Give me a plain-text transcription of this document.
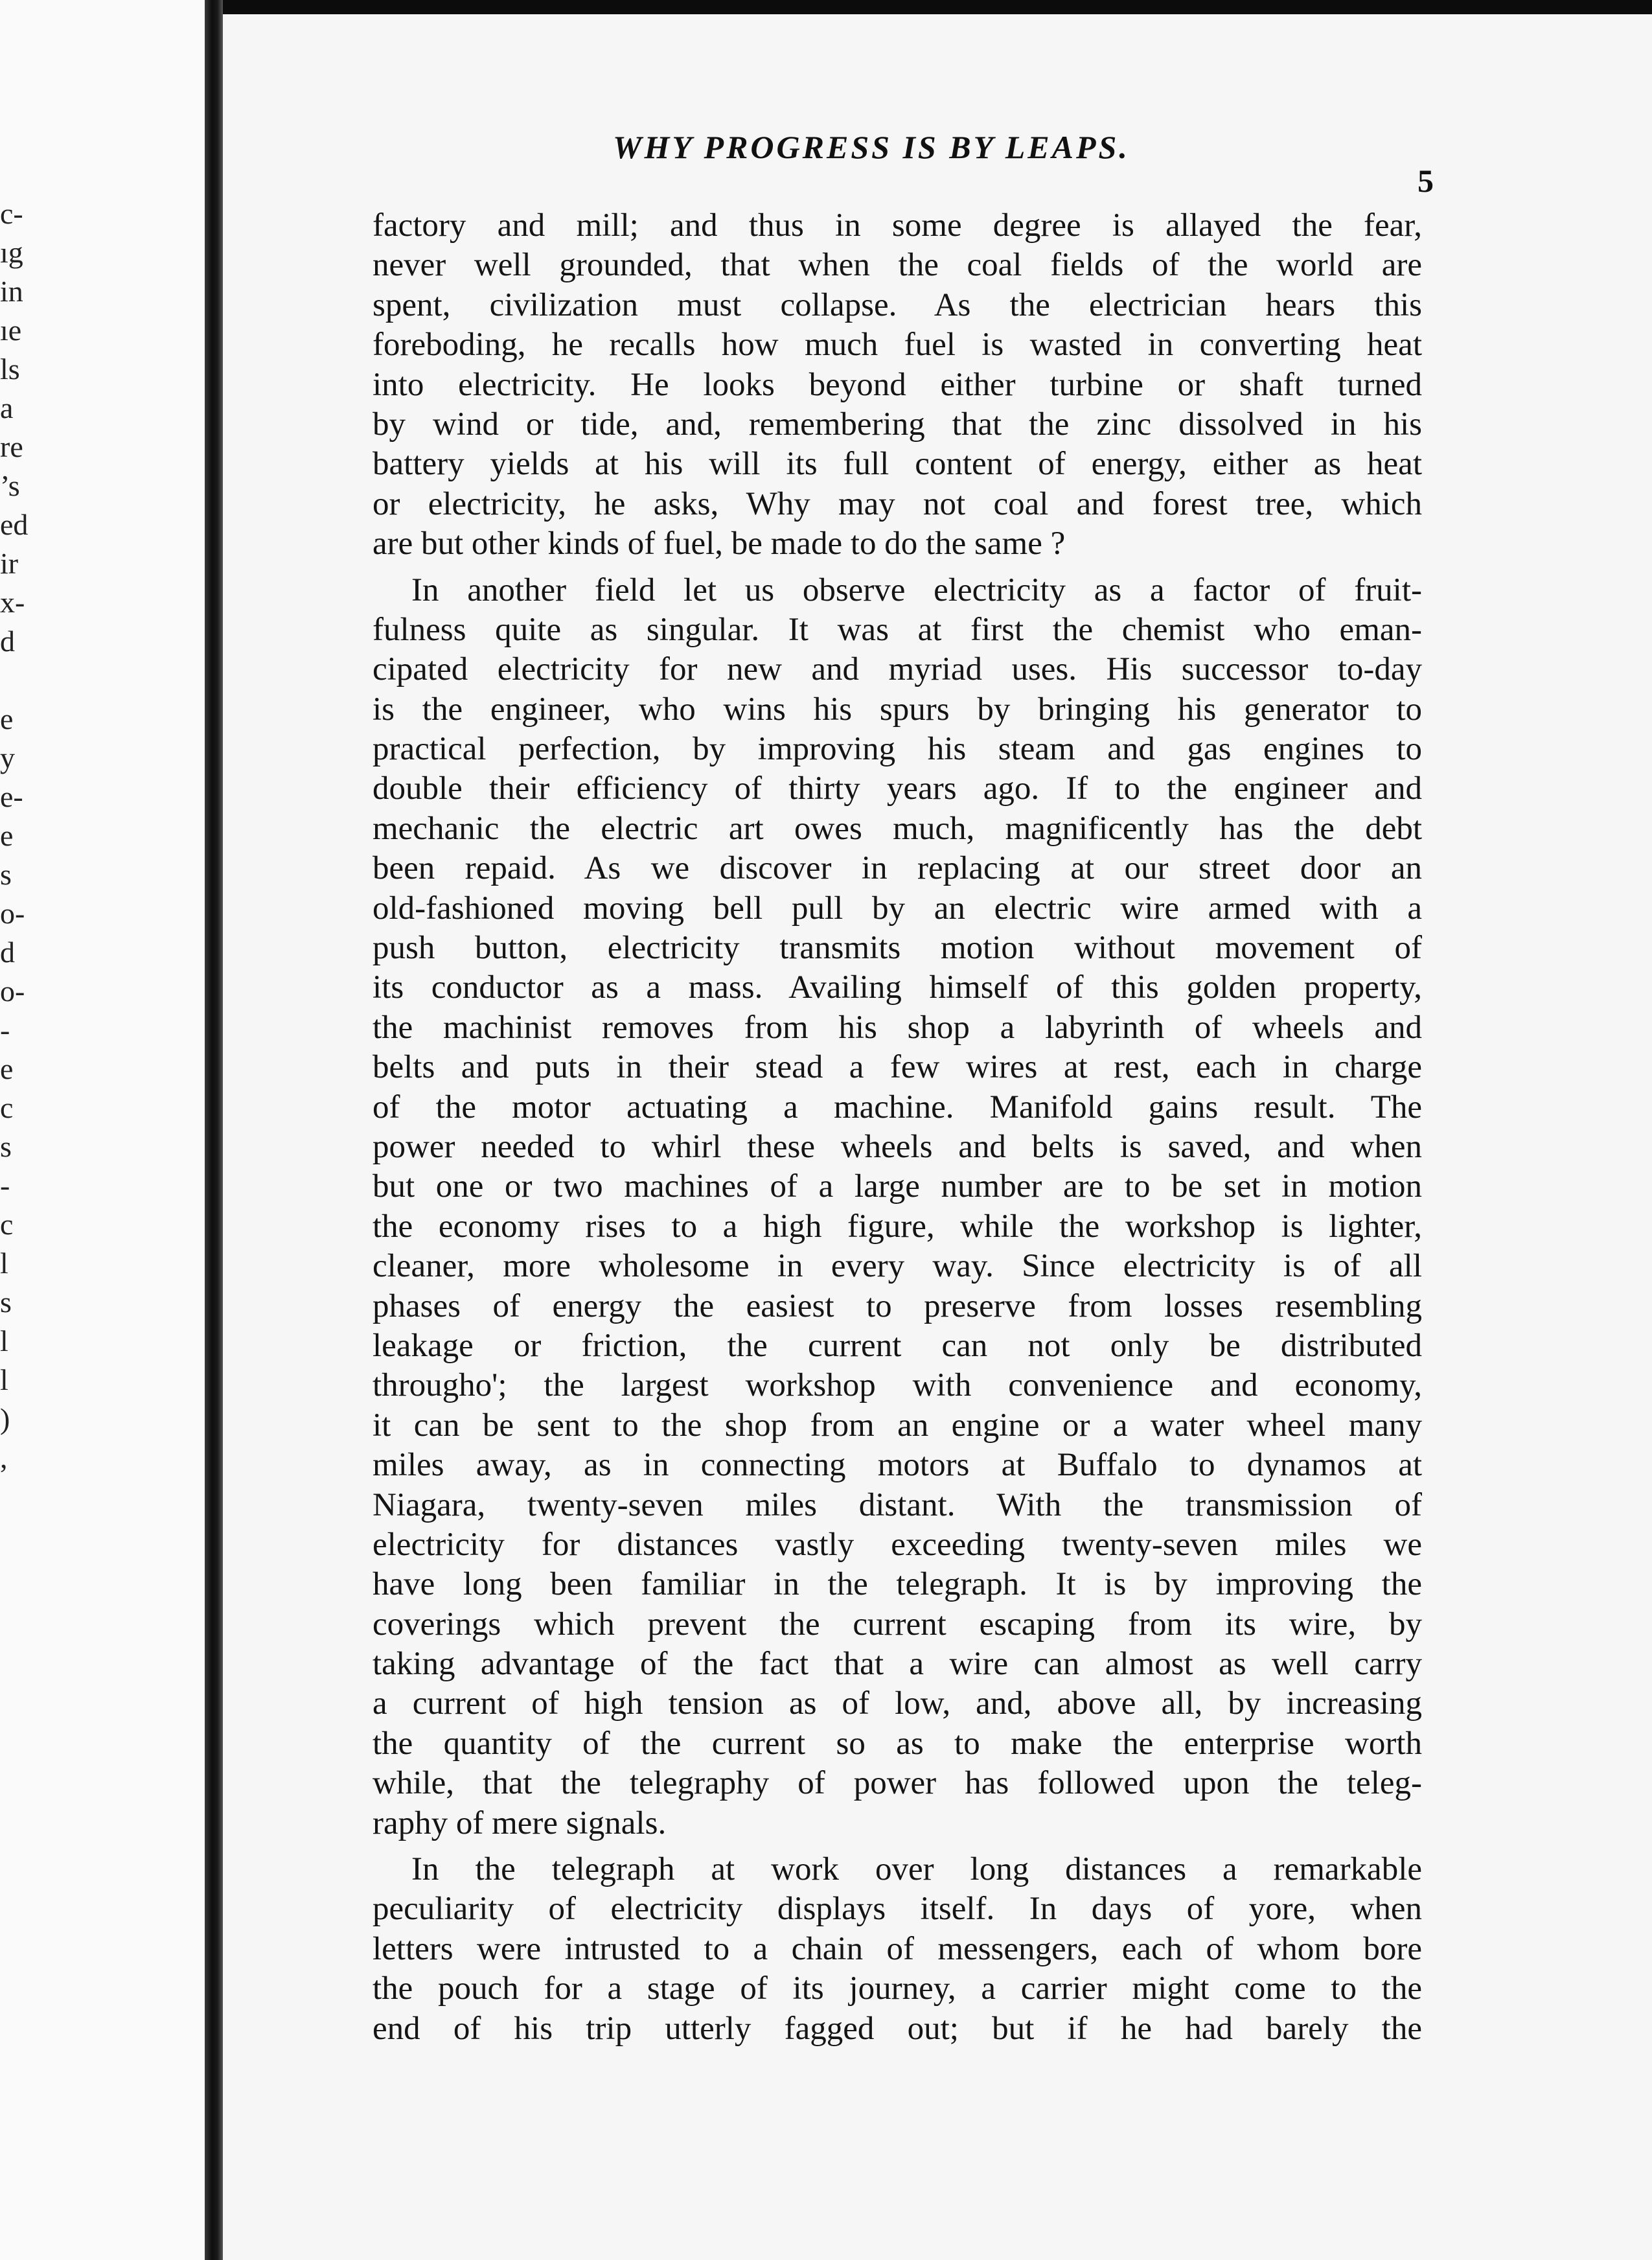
c-
ıg
in
ıe
ls
a
re
’s
ed
ir
x-
d
e
y
e-
e
s
o-
d
o-
-
e
c
s
-
c
l
s
l
l
)
,
WHY PROGRESS IS BY LEAPS.
5
factory and mill; and thus in some degree is allayed the fear,
never well grounded, that when the coal fields of the world are
spent, civilization must collapse. As the electrician hears this
foreboding, he recalls how much fuel is wasted in converting heat
into electricity. He looks beyond either turbine or shaft turned
by wind or tide, and, remembering that the zinc dissolved in his
battery yields at his will its full content of energy, either as heat
or electricity, he asks, Why may not coal and forest tree, which
are but other kinds of fuel, be made to do the same ?
In another field let us observe electricity as a factor of fruit-
fulness quite as singular. It was at first the chemist who eman-
cipated electricity for new and myriad uses. His successor to-day
is the engineer, who wins his spurs by bringing his generator to
practical perfection, by improving his steam and gas engines to
double their efficiency of thirty years ago. If to the engineer and
mechanic the electric art owes much, magnificently has the debt
been repaid. As we discover in replacing at our street door an
old-fashioned moving bell pull by an electric wire armed with a
push button, electricity transmits motion without movement of
its conductor as a mass. Availing himself of this golden property,
the machinist removes from his shop a labyrinth of wheels and
belts and puts in their stead a few wires at rest, each in charge
of the motor actuating a machine. Manifold gains result. The
power needed to whirl these wheels and belts is saved, and when
but one or two machines of a large number are to be set in motion
the economy rises to a high figure, while the workshop is lighter,
cleaner, more wholesome in every way. Since electricity is of all
phases of energy the easiest to preserve from losses resembling
leakage or friction, the current can not only be distributed
througho'; the largest workshop with convenience and economy,
it can be sent to the shop from an engine or a water wheel many
miles away, as in connecting motors at Buffalo to dynamos at
Niagara, twenty-seven miles distant. With the transmission of
electricity for distances vastly exceeding twenty-seven miles we
have long been familiar in the telegraph. It is by improving the
coverings which prevent the current escaping from its wire, by
taking advantage of the fact that a wire can almost as well carry
a current of high tension as of low, and, above all, by increasing
the quantity of the current so as to make the enterprise worth
while, that the telegraphy of power has followed upon the teleg-
raphy of mere signals.
In the telegraph at work over long distances a remarkable
peculiarity of electricity displays itself. In days of yore, when
letters were intrusted to a chain of messengers, each of whom bore
the pouch for a stage of its journey, a carrier might come to the
end of his trip utterly fagged out; but if he had barely the
